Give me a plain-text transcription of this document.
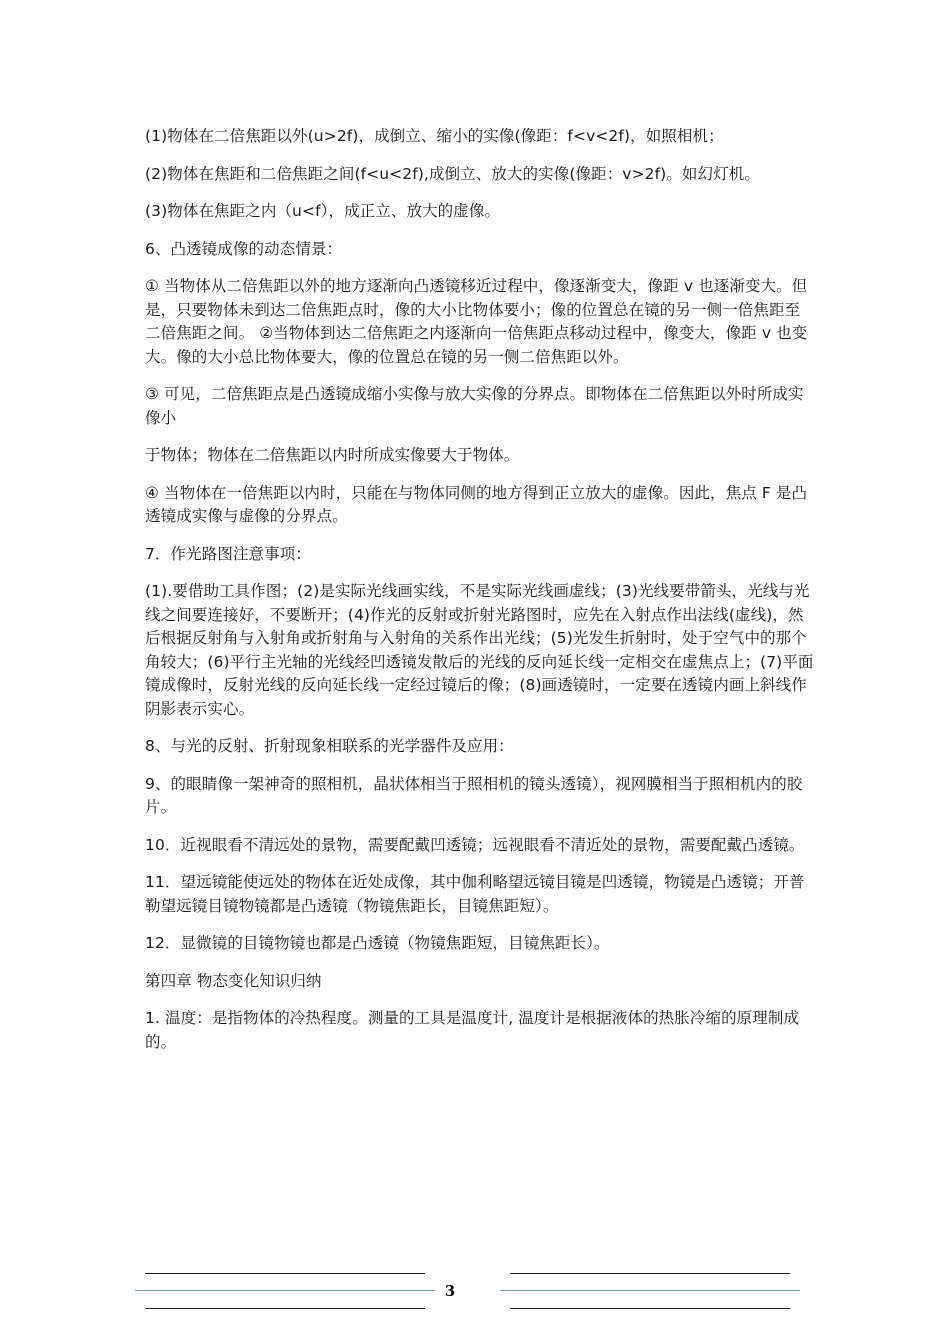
(1)物体在二倍焦距以外(u>2f)，成倒立、缩小的实像(像距：f<v<2f)，如照相机；

(2)物体在焦距和二倍焦距之间(f<u<2f),成倒立、放大的实像(像距：v>2f)。如幻灯机。

(3)物体在焦距之内（u<f），成正立、放大的虚像。

6、凸透镜成像的动态情景：

① 当物体从二倍焦距以外的地方逐渐向凸透镜移近过程中，像逐渐变大，像距 v 也逐渐变大。但是，只要物体未到达二倍焦距点时，像的大小比物体要小；像的位置总在镜的另一侧一倍焦距至二倍焦距之间。 ②当物体到达二倍焦距之内逐渐向一倍焦距点移动过程中，像变大，像距 v 也变大。像的大小总比物体要大，像的位置总在镜的另一侧二倍焦距以外。

③ 可见，二倍焦距点是凸透镜成缩小实像与放大实像的分界点。即物体在二倍焦距以外时所成实像小

于物体；物体在二倍焦距以内时所成实像要大于物体。

④ 当物体在一倍焦距以内时，只能在与物体同侧的地方得到正立放大的虚像。因此，焦点 F 是凸透镜成实像与虚像的分界点。

7．作光路图注意事项：

(1).要借助工具作图；(2)是实际光线画实线，不是实际光线画虚线；(3)光线要带箭头，光线与光线之间要连接好，不要断开；(4)作光的反射或折射光路图时，应先在入射点作出法线(虚线)，然后根据反射角与入射角或折射角与入射角的关系作出光线；(5)光发生折射时，处于空气中的那个角较大；(6)平行主光轴的光线经凹透镜发散后的光线的反向延长线一定相交在虚焦点上；(7)平面镜成像时，反射光线的反向延长线一定经过镜后的像；(8)画透镜时，一定要在透镜内画上斜线作阴影表示实心。

8、与光的反射、折射现象相联系的光学器件及应用：

9、的眼睛像一架神奇的照相机，晶状体相当于照相机的镜头透镜），视网膜相当于照相机内的胶片。

10．近视眼看不清远处的景物，需要配戴凹透镜；远视眼看不清近处的景物，需要配戴凸透镜。

11．望远镜能使远处的物体在近处成像，其中伽利略望远镜目镜是凹透镜，物镜是凸透镜；开普勒望远镜目镜物镜都是凸透镜（物镜焦距长，目镜焦距短）。

12．显微镜的目镜物镜也都是凸透镜（物镜焦距短，目镜焦距长）。

第四章 物态变化知识归纳

1. 温度：是指物体的冷热程度。测量的工具是温度计, 温度计是根据液体的热胀冷缩的原理制成的。

3
